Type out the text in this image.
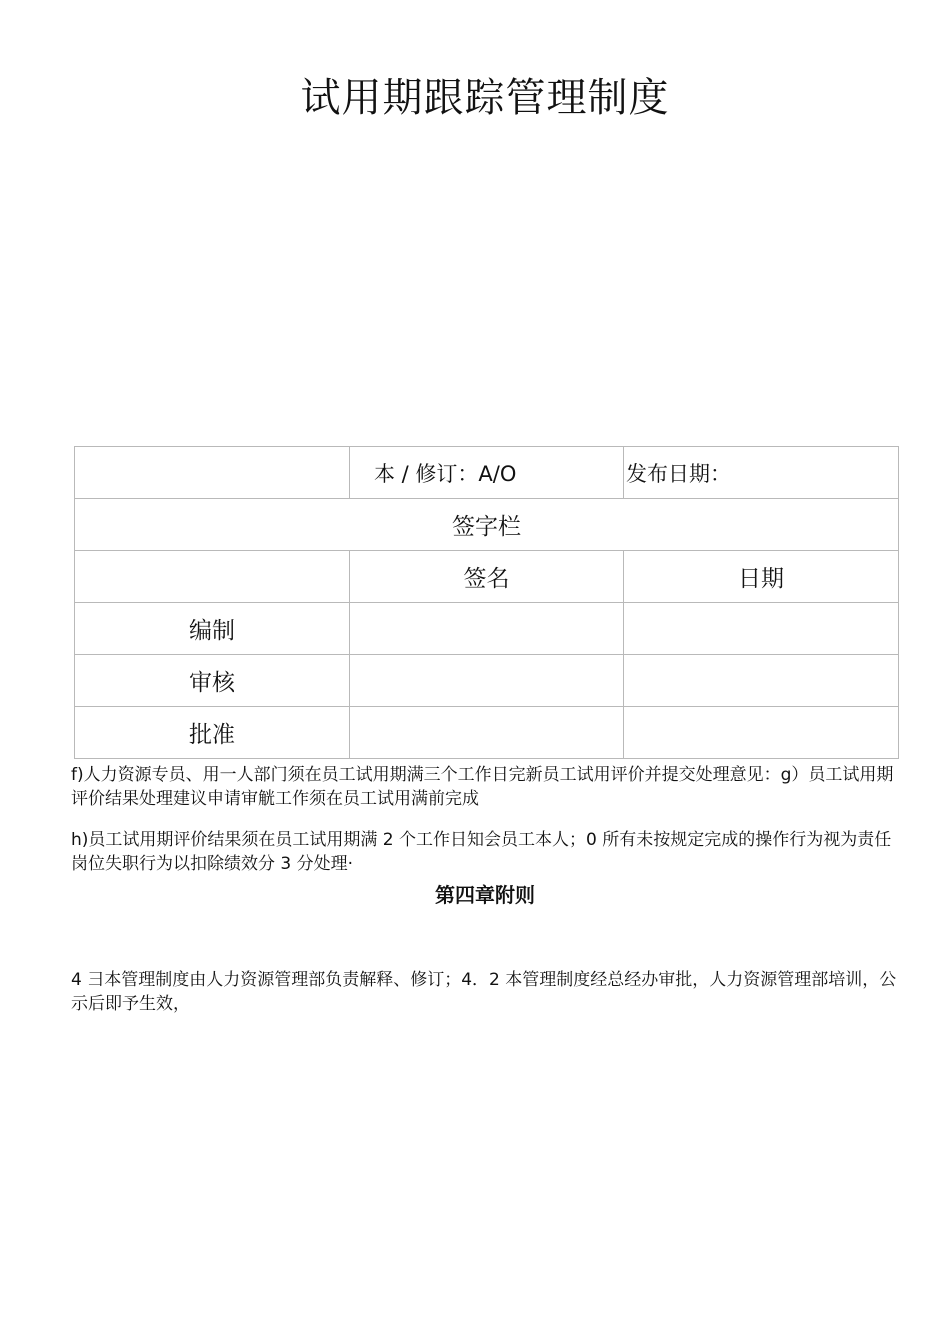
试用期跟踪管理制度
	本 / 修订：A/O	发布日期：
签字栏		
	签名	日期
编制		
审核		
批准		

f)人力资源专员、用一人部门须在员工试用期满三个工作日完新员工试用评价并提交处理意见：g）员工试用期评价结果处理建议申请审觥工作须在员工试用满前完成

h)员工试用期评价结果须在员工试用期满 2 个工作日知会员工本人；0 所有未按规定完成的操作行为视为责任岗位失职行为以扣除绩效分 3 分处理·

第四章附则

4 彐本管理制度由人力资源管理部负责解释、修订；4．2 本管理制度经总经办审批，人力资源管理部培训，公示后即予生效，
